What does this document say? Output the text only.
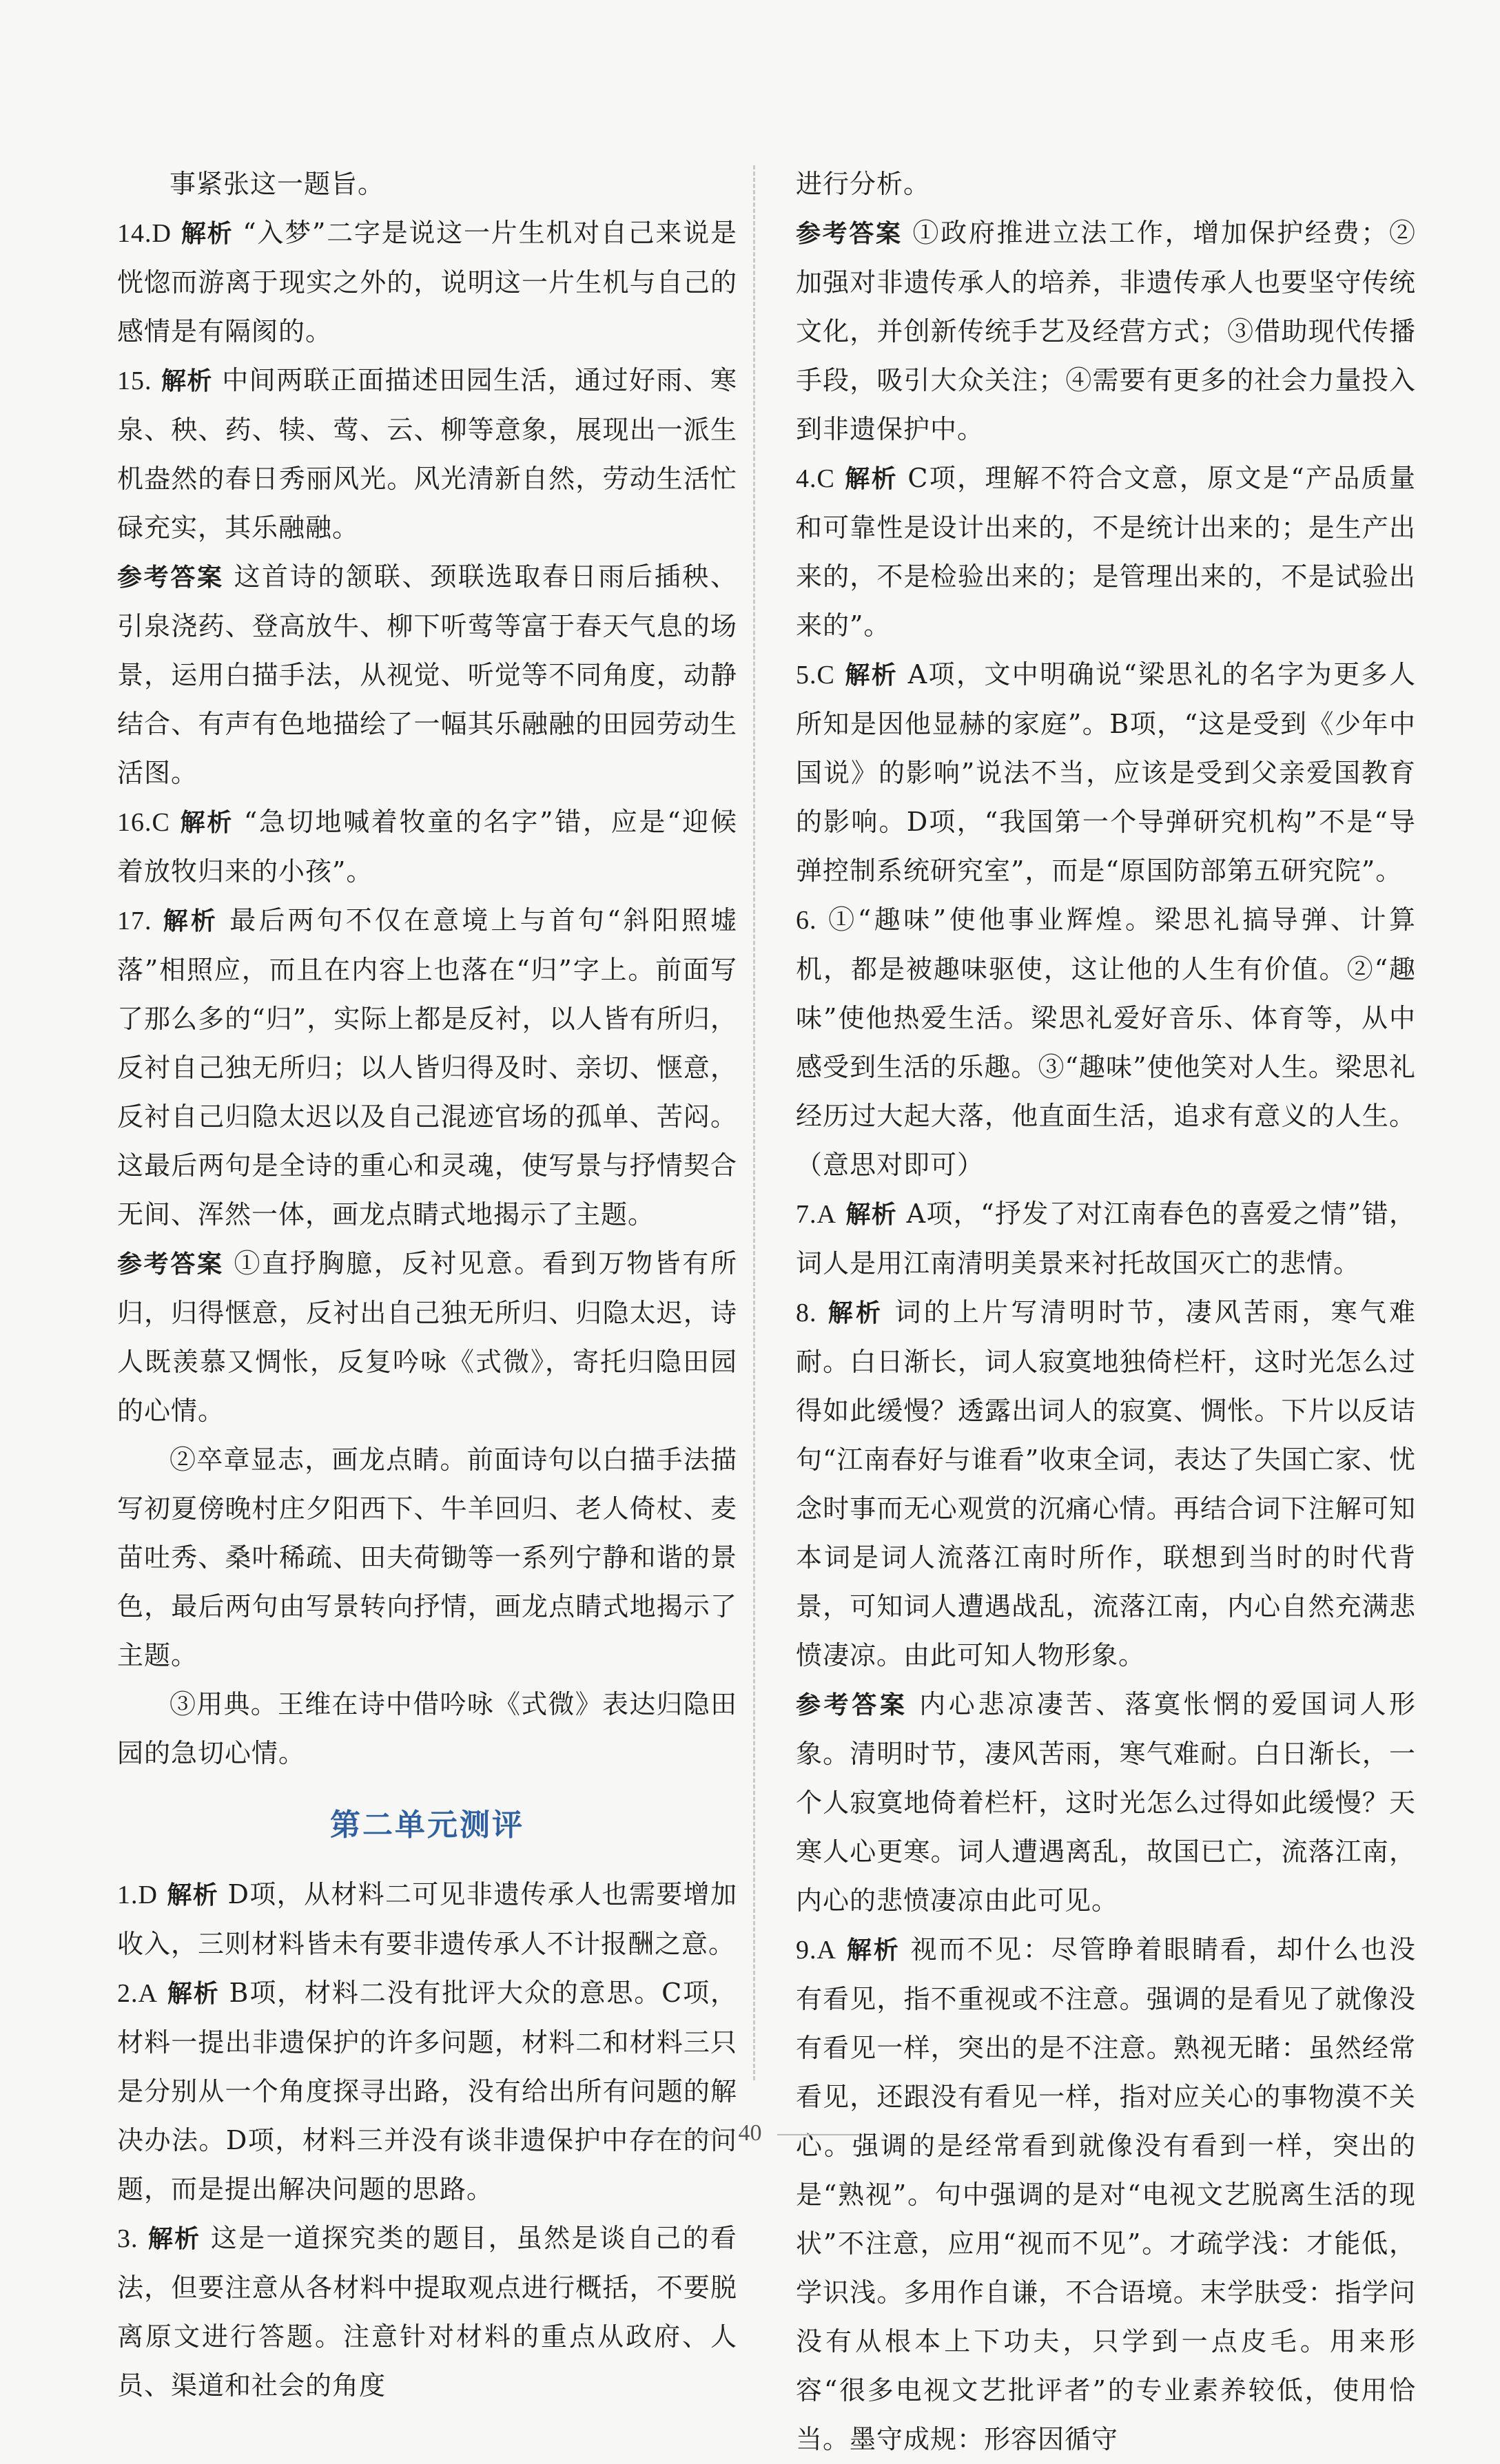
事紧张这一题旨。

14.D 解析 “入梦”二字是说这一片生机对自己来说是恍惚而游离于现实之外的，说明这一片生机与自己的感情是有隔阂的。

15. 解析 中间两联正面描述田园生活，通过好雨、寒泉、秧、药、犊、莺、云、柳等意象，展现出一派生机盎然的春日秀丽风光。风光清新自然，劳动生活忙碌充实，其乐融融。

参考答案 这首诗的颔联、颈联选取春日雨后插秧、引泉浇药、登高放牛、柳下听莺等富于春天气息的场景，运用白描手法，从视觉、听觉等不同角度，动静结合、有声有色地描绘了一幅其乐融融的田园劳动生活图。

16.C 解析 “急切地喊着牧童的名字”错，应是“迎候着放牧归来的小孩”。

17. 解析 最后两句不仅在意境上与首句“斜阳照墟落”相照应，而且在内容上也落在“归”字上。前面写了那么多的“归”，实际上都是反衬，以人皆有所归，反衬自己独无所归；以人皆归得及时、亲切、惬意，反衬自己归隐太迟以及自己混迹官场的孤单、苦闷。这最后两句是全诗的重心和灵魂，使写景与抒情契合无间、浑然一体，画龙点睛式地揭示了主题。

参考答案 ①直抒胸臆，反衬见意。看到万物皆有所归，归得惬意，反衬出自己独无所归、归隐太迟，诗人既羡慕又惆怅，反复吟咏《式微》，寄托归隐田园的心情。

②卒章显志，画龙点睛。前面诗句以白描手法描写初夏傍晚村庄夕阳西下、牛羊回归、老人倚杖、麦苗吐秀、桑叶稀疏、田夫荷锄等一系列宁静和谐的景色，最后两句由写景转向抒情，画龙点睛式地揭示了主题。

③用典。王维在诗中借吟咏《式微》表达归隐田园的急切心情。

第二单元测评

1.D 解析 D项，从材料二可见非遗传承人也需要增加收入，三则材料皆未有要非遗传承人不计报酬之意。

2.A 解析 B项，材料二没有批评大众的意思。C项，材料一提出非遗保护的许多问题，材料二和材料三只是分别从一个角度探寻出路，没有给出所有问题的解决办法。D项，材料三并没有谈非遗保护中存在的问题，而是提出解决问题的思路。

3. 解析 这是一道探究类的题目，虽然是谈自己的看法，但要注意从各材料中提取观点进行概括，不要脱离原文进行答题。注意针对材料的重点从政府、人员、渠道和社会的角度

进行分析。

参考答案 ①政府推进立法工作，增加保护经费；②加强对非遗传承人的培养，非遗传承人也要坚守传统文化，并创新传统手艺及经营方式；③借助现代传播手段，吸引大众关注；④需要有更多的社会力量投入到非遗保护中。

4.C 解析 C项，理解不符合文意，原文是“产品质量和可靠性是设计出来的，不是统计出来的；是生产出来的，不是检验出来的；是管理出来的，不是试验出来的”。

5.C 解析 A项，文中明确说“梁思礼的名字为更多人所知是因他显赫的家庭”。B项，“这是受到《少年中国说》的影响”说法不当，应该是受到父亲爱国教育的影响。D项，“我国第一个导弹研究机构”不是“导弹控制系统研究室”，而是“原国防部第五研究院”。

6. ①“趣味”使他事业辉煌。梁思礼搞导弹、计算机，都是被趣味驱使，这让他的人生有价值。②“趣味”使他热爱生活。梁思礼爱好音乐、体育等，从中感受到生活的乐趣。③“趣味”使他笑对人生。梁思礼经历过大起大落，他直面生活，追求有意义的人生。（意思对即可）

7.A 解析 A项，“抒发了对江南春色的喜爱之情”错，词人是用江南清明美景来衬托故国灭亡的悲情。

8. 解析 词的上片写清明时节，凄风苦雨，寒气难耐。白日渐长，词人寂寞地独倚栏杆，这时光怎么过得如此缓慢？透露出词人的寂寞、惆怅。下片以反诘句“江南春好与谁看”收束全词，表达了失国亡家、忧念时事而无心观赏的沉痛心情。再结合词下注解可知本词是词人流落江南时所作，联想到当时的时代背景，可知词人遭遇战乱，流落江南，内心自然充满悲愤凄凉。由此可知人物形象。

参考答案 内心悲凉凄苦、落寞怅惘的爱国词人形象。清明时节，凄风苦雨，寒气难耐。白日渐长，一个人寂寞地倚着栏杆，这时光怎么过得如此缓慢？天寒人心更寒。词人遭遇离乱，故国已亡，流落江南，内心的悲愤凄凉由此可见。

9.A 解析 视而不见：尽管睁着眼睛看，却什么也没有看见，指不重视或不注意。强调的是看见了就像没有看见一样，突出的是不注意。熟视无睹：虽然经常看见，还跟没有看见一样，指对应关心的事物漠不关心。强调的是经常看到就像没有看到一样，突出的是“熟视”。句中强调的是对“电视文艺脱离生活的现状”不注意，应用“视而不见”。才疏学浅：才能低，学识浅。多用作自谦，不合语境。末学肤受：指学问没有从根本上下功夫，只学到一点皮毛。用来形容“很多电视文艺批评者”的专业素养较低，使用恰当。墨守成规：形容因循守

40
